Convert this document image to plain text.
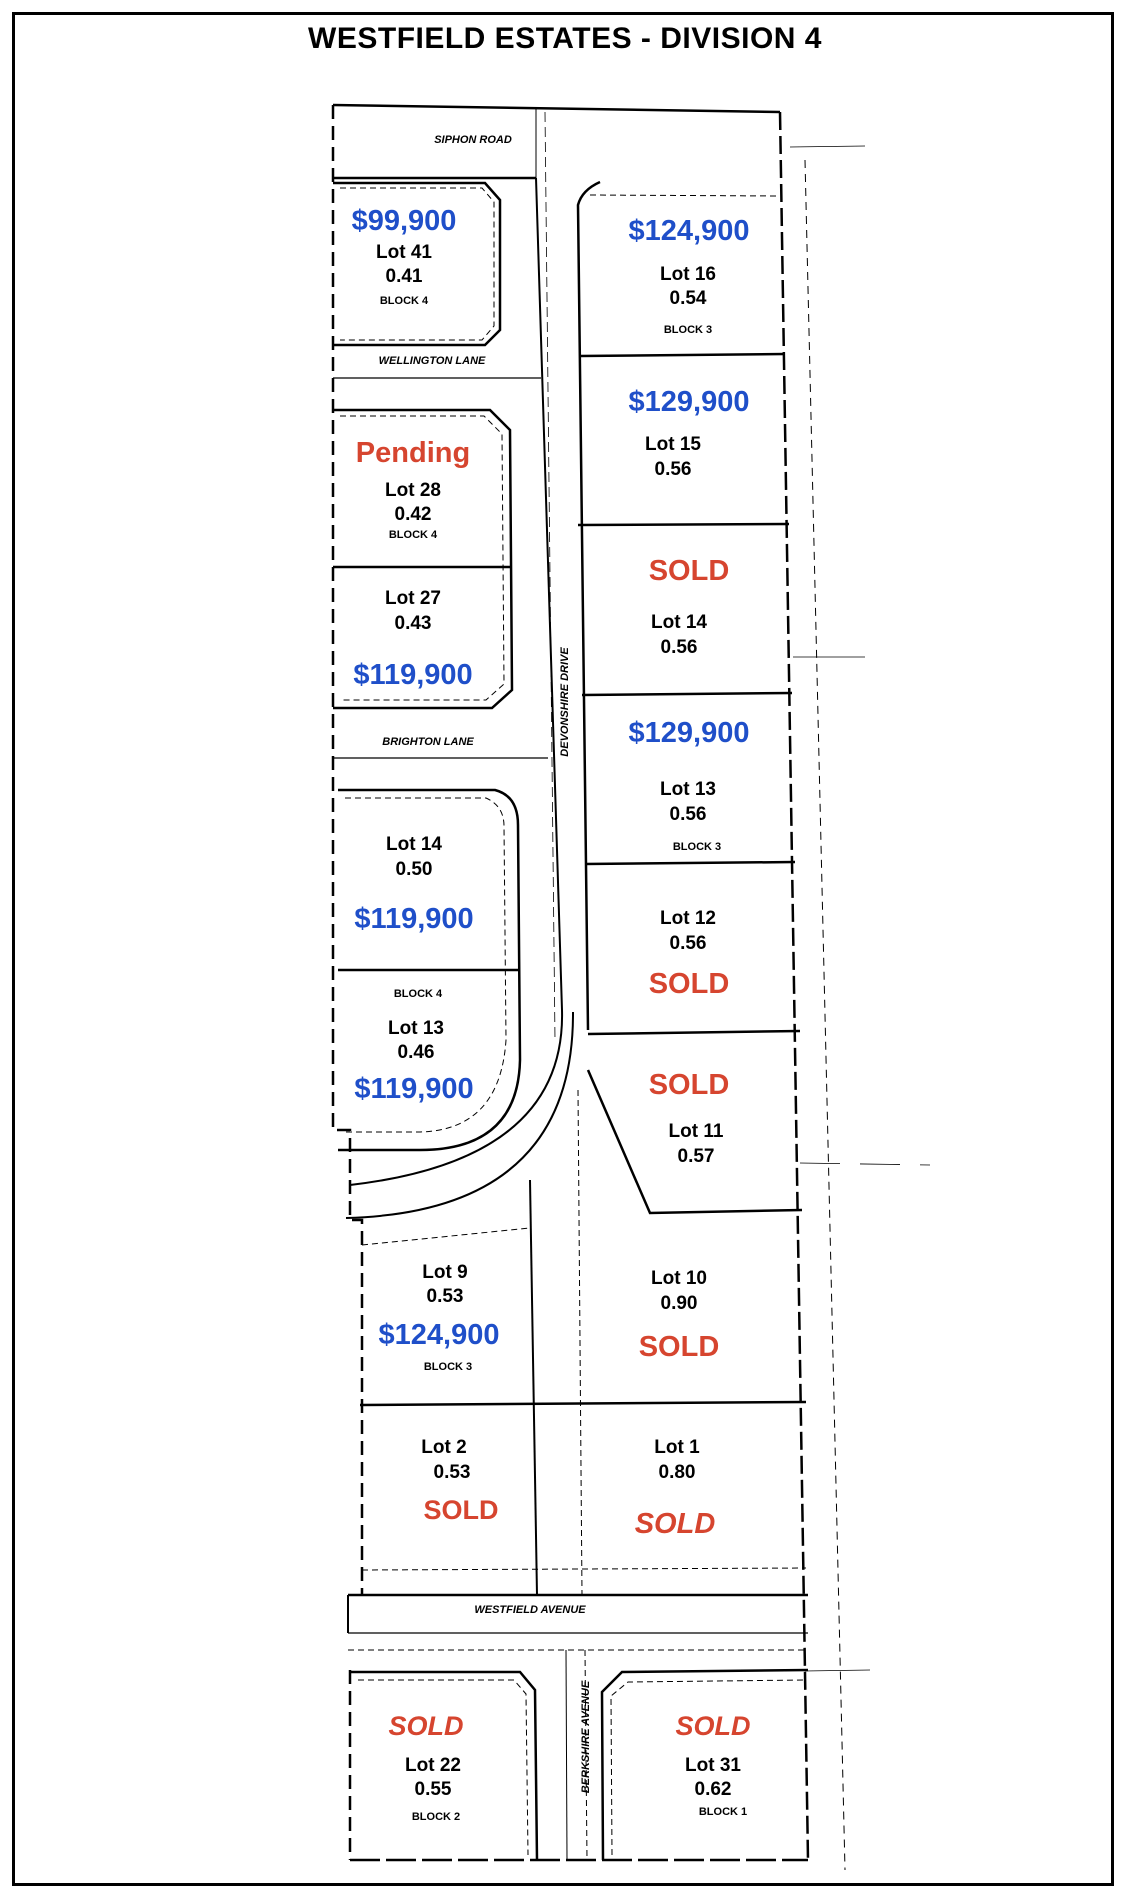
WESTFIELD ESTATES - DIVISION 4
SIPHON ROAD
WELLINGTON LANE
BRIGHTON LANE
WESTFIELD AVENUE
DEVONSHIRE DRIVE
BERKSHIRE AVENUE
$99,900
Lot 41
0.41
BLOCK 4
Pending
Lot 28
0.42
BLOCK 4
Lot 27
0.43
$119,900
Lot 14
0.50
$119,900
BLOCK 4
Lot 13
0.46
$119,900
Lot 9
0.53
$124,900
BLOCK 3
Lot 2
0.53
SOLD
SOLD
Lot 22
0.55
BLOCK 2
$124,900
Lot 16
0.54
BLOCK 3
$129,900
Lot 15
0.56
SOLD
Lot 14
0.56
$129,900
Lot 13
0.56
BLOCK 3
Lot 12
0.56
SOLD
SOLD
Lot 11
0.57
Lot 10
0.90
SOLD
Lot 1
0.80
SOLD
SOLD
Lot 31
0.62
BLOCK 1
